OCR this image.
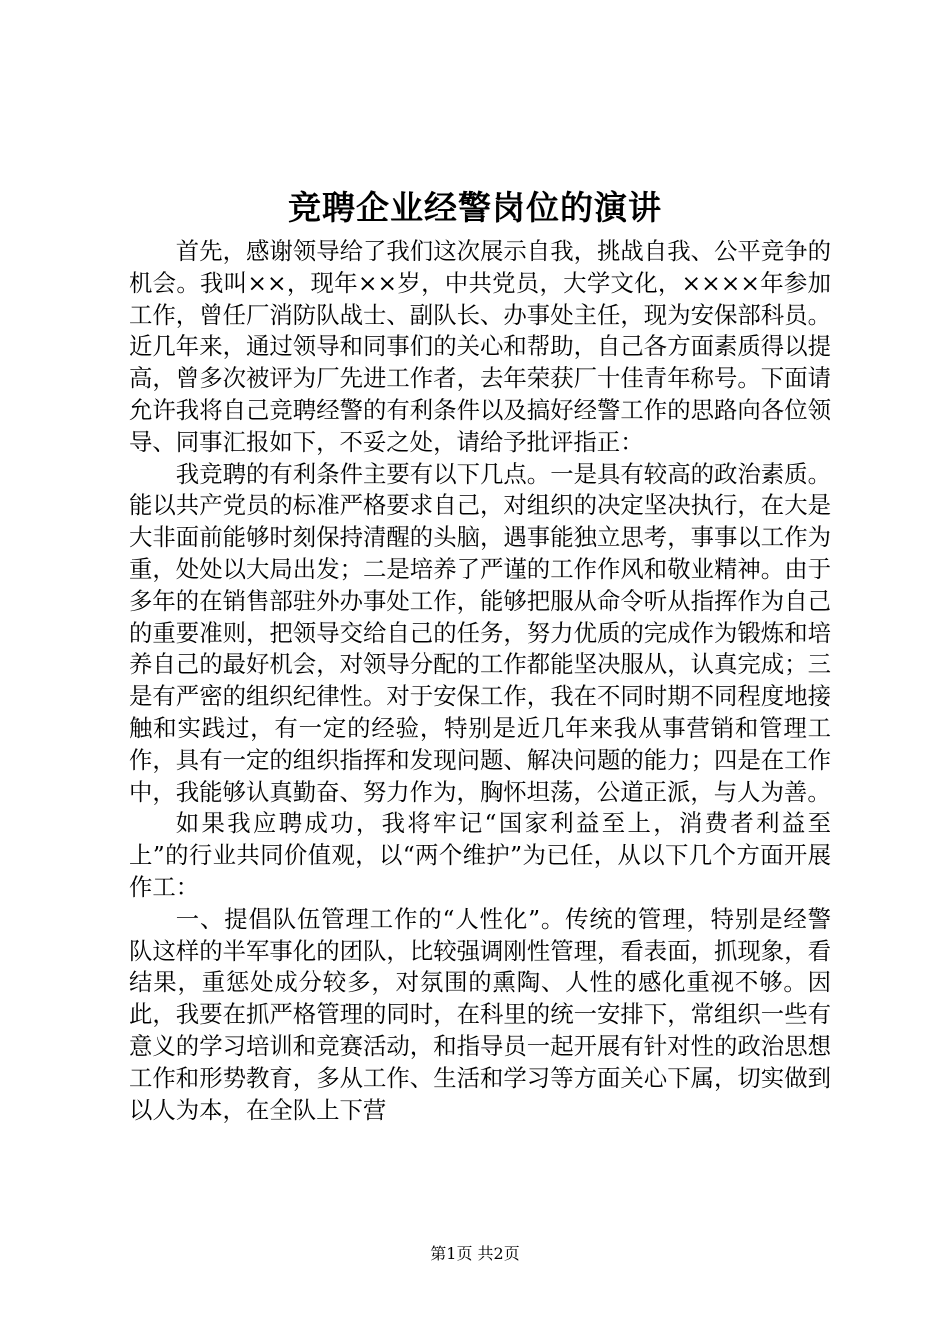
竞聘企业经警岗位的演讲

首先，感谢领导给了我们这次展示自我，挑战自我、公平竞争的机会。我叫××，现年××岁，中共党员，大学文化，××××年参加工作，曾任厂消防队战士、副队长、办事处主任，现为安保部科员。近几年来，通过领导和同事们的关心和帮助，自己各方面素质得以提高，曾多次被评为厂先进工作者，去年荣获厂十佳青年称号。下面请允许我将自己竞聘经警的有利条件以及搞好经警工作的思路向各位领导、同事汇报如下，不妥之处，请给予批评指正：

我竞聘的有利条件主要有以下几点。一是具有较高的政治素质。能以共产党员的标准严格要求自己，对组织的决定坚决执行，在大是大非面前能够时刻保持清醒的头脑，遇事能独立思考，事事以工作为重，处处以大局出发；二是培养了严谨的工作作风和敬业精神。由于多年的在销售部驻外办事处工作，能够把服从命令听从指挥作为自己的重要准则，把领导交给自己的任务，努力优质的完成作为锻炼和培养自己的最好机会，对领导分配的工作都能坚决服从，认真完成；三是有严密的组织纪律性。对于安保工作，我在不同时期不同程度地接触和实践过，有一定的经验，特别是近几年来我从事营销和管理工作，具有一定的组织指挥和发现问题、解决问题的能力；四是在工作中，我能够认真勤奋、努力作为，胸怀坦荡，公道正派，与人为善。

如果我应聘成功，我将牢记“国家利益至上，消费者利益至上”的行业共同价值观，以“两个维护”为已任，从以下几个方面开展作工：

一、提倡队伍管理工作的“人性化”。传统的管理，特别是经警队这样的半军事化的团队，比较强调刚性管理，看表面，抓现象，看结果，重惩处成分较多，对氛围的熏陶、人性的感化重视不够。因此，我要在抓严格管理的同时，在科里的统一安排下，常组织一些有意义的学习培训和竞赛活动，和指导员一起开展有针对性的政治思想工作和形势教育，多从工作、生活和学习等方面关心下属，切实做到以人为本，在全队上下营

第1页 共2页
